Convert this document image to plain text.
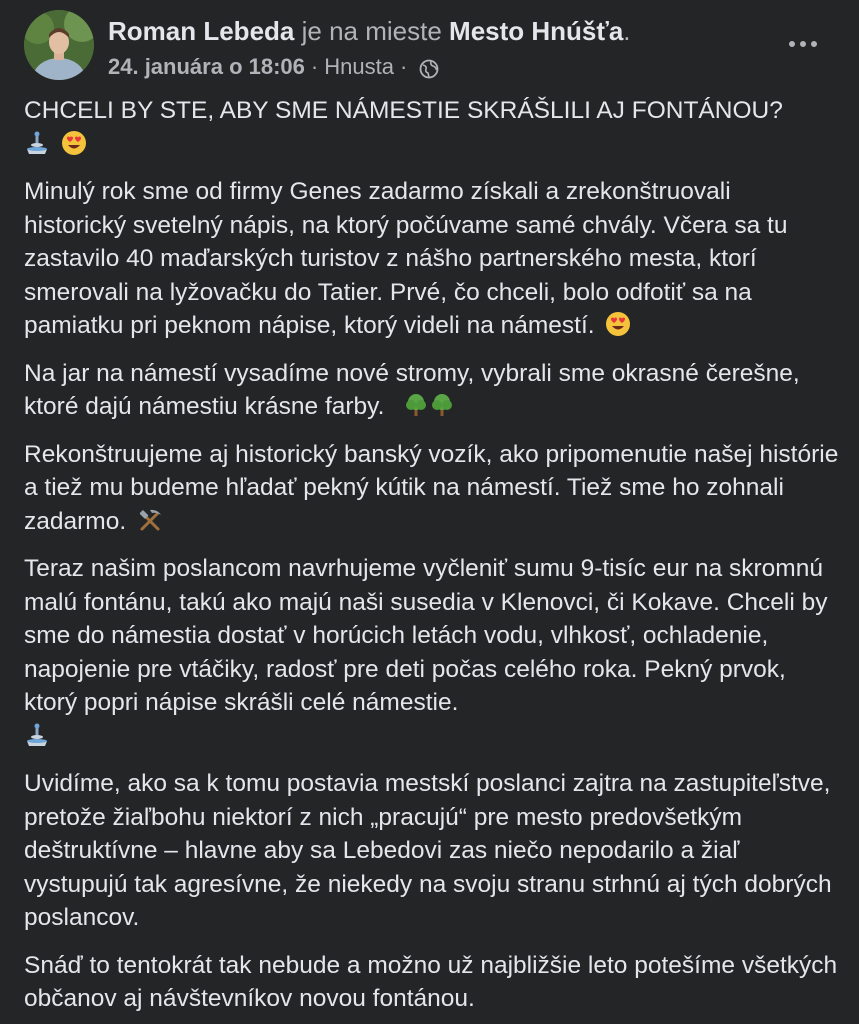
Roman Lebeda je na mieste Mesto Hnúšťa.
24. januára o 18:06 · Hnusta ·

CHCELI BY STE, ABY SME NÁMESTIE SKRÁŠLILI AJ FONTÁNOU?

Minulý rok sme od firmy Genes zadarmo získali a zrekonštruovali historický svetelný nápis, na ktorý počúvame samé chvály. Včera sa tu zastavilo 40 maďarských turistov z nášho partnerského mesta, ktorí smerovali na lyžovačku do Tatier. Prvé, čo chceli, bolo odfotiť sa na pamiatku pri peknom nápise, ktorý videli na námestí.

Na jar na námestí vysadíme nové stromy, vybrali sme okrasné čerešne, ktoré dajú námestiu krásne farby.

Rekonštruujeme aj historický banský vozík, ako pripomenutie našej histórie a tiež mu budeme hľadať pekný kútik na námestí. Tiež sme ho zohnali zadarmo.

Teraz našim poslancom navrhujeme vyčleniť sumu 9-tisíc eur na skromnú malú fontánu, takú ako majú naši susedia v Klenovci, či Kokave. Chceli by sme do námestia dostať v horúcich letách vodu, vlhkosť, ochladenie, napojenie pre vtáčiky, radosť pre deti počas celého roka. Pekný prvok, ktorý popri nápise skrášli celé námestie.

Uvidíme, ako sa k tomu postavia mestskí poslanci zajtra na zastupiteľstve, pretože žiaľbohu niektorí z nich „pracujú“ pre mesto predovšetkým deštruktívne – hlavne aby sa Lebedovi zas niečo nepodarilo a žiaľ vystupujú tak agresívne, že niekedy na svoju stranu strhnú aj tých dobrých poslancov.

Snáď to tentokrát tak nebude a možno už najbližšie leto potešíme všetkých občanov aj návštevníkov novou fontánou.
